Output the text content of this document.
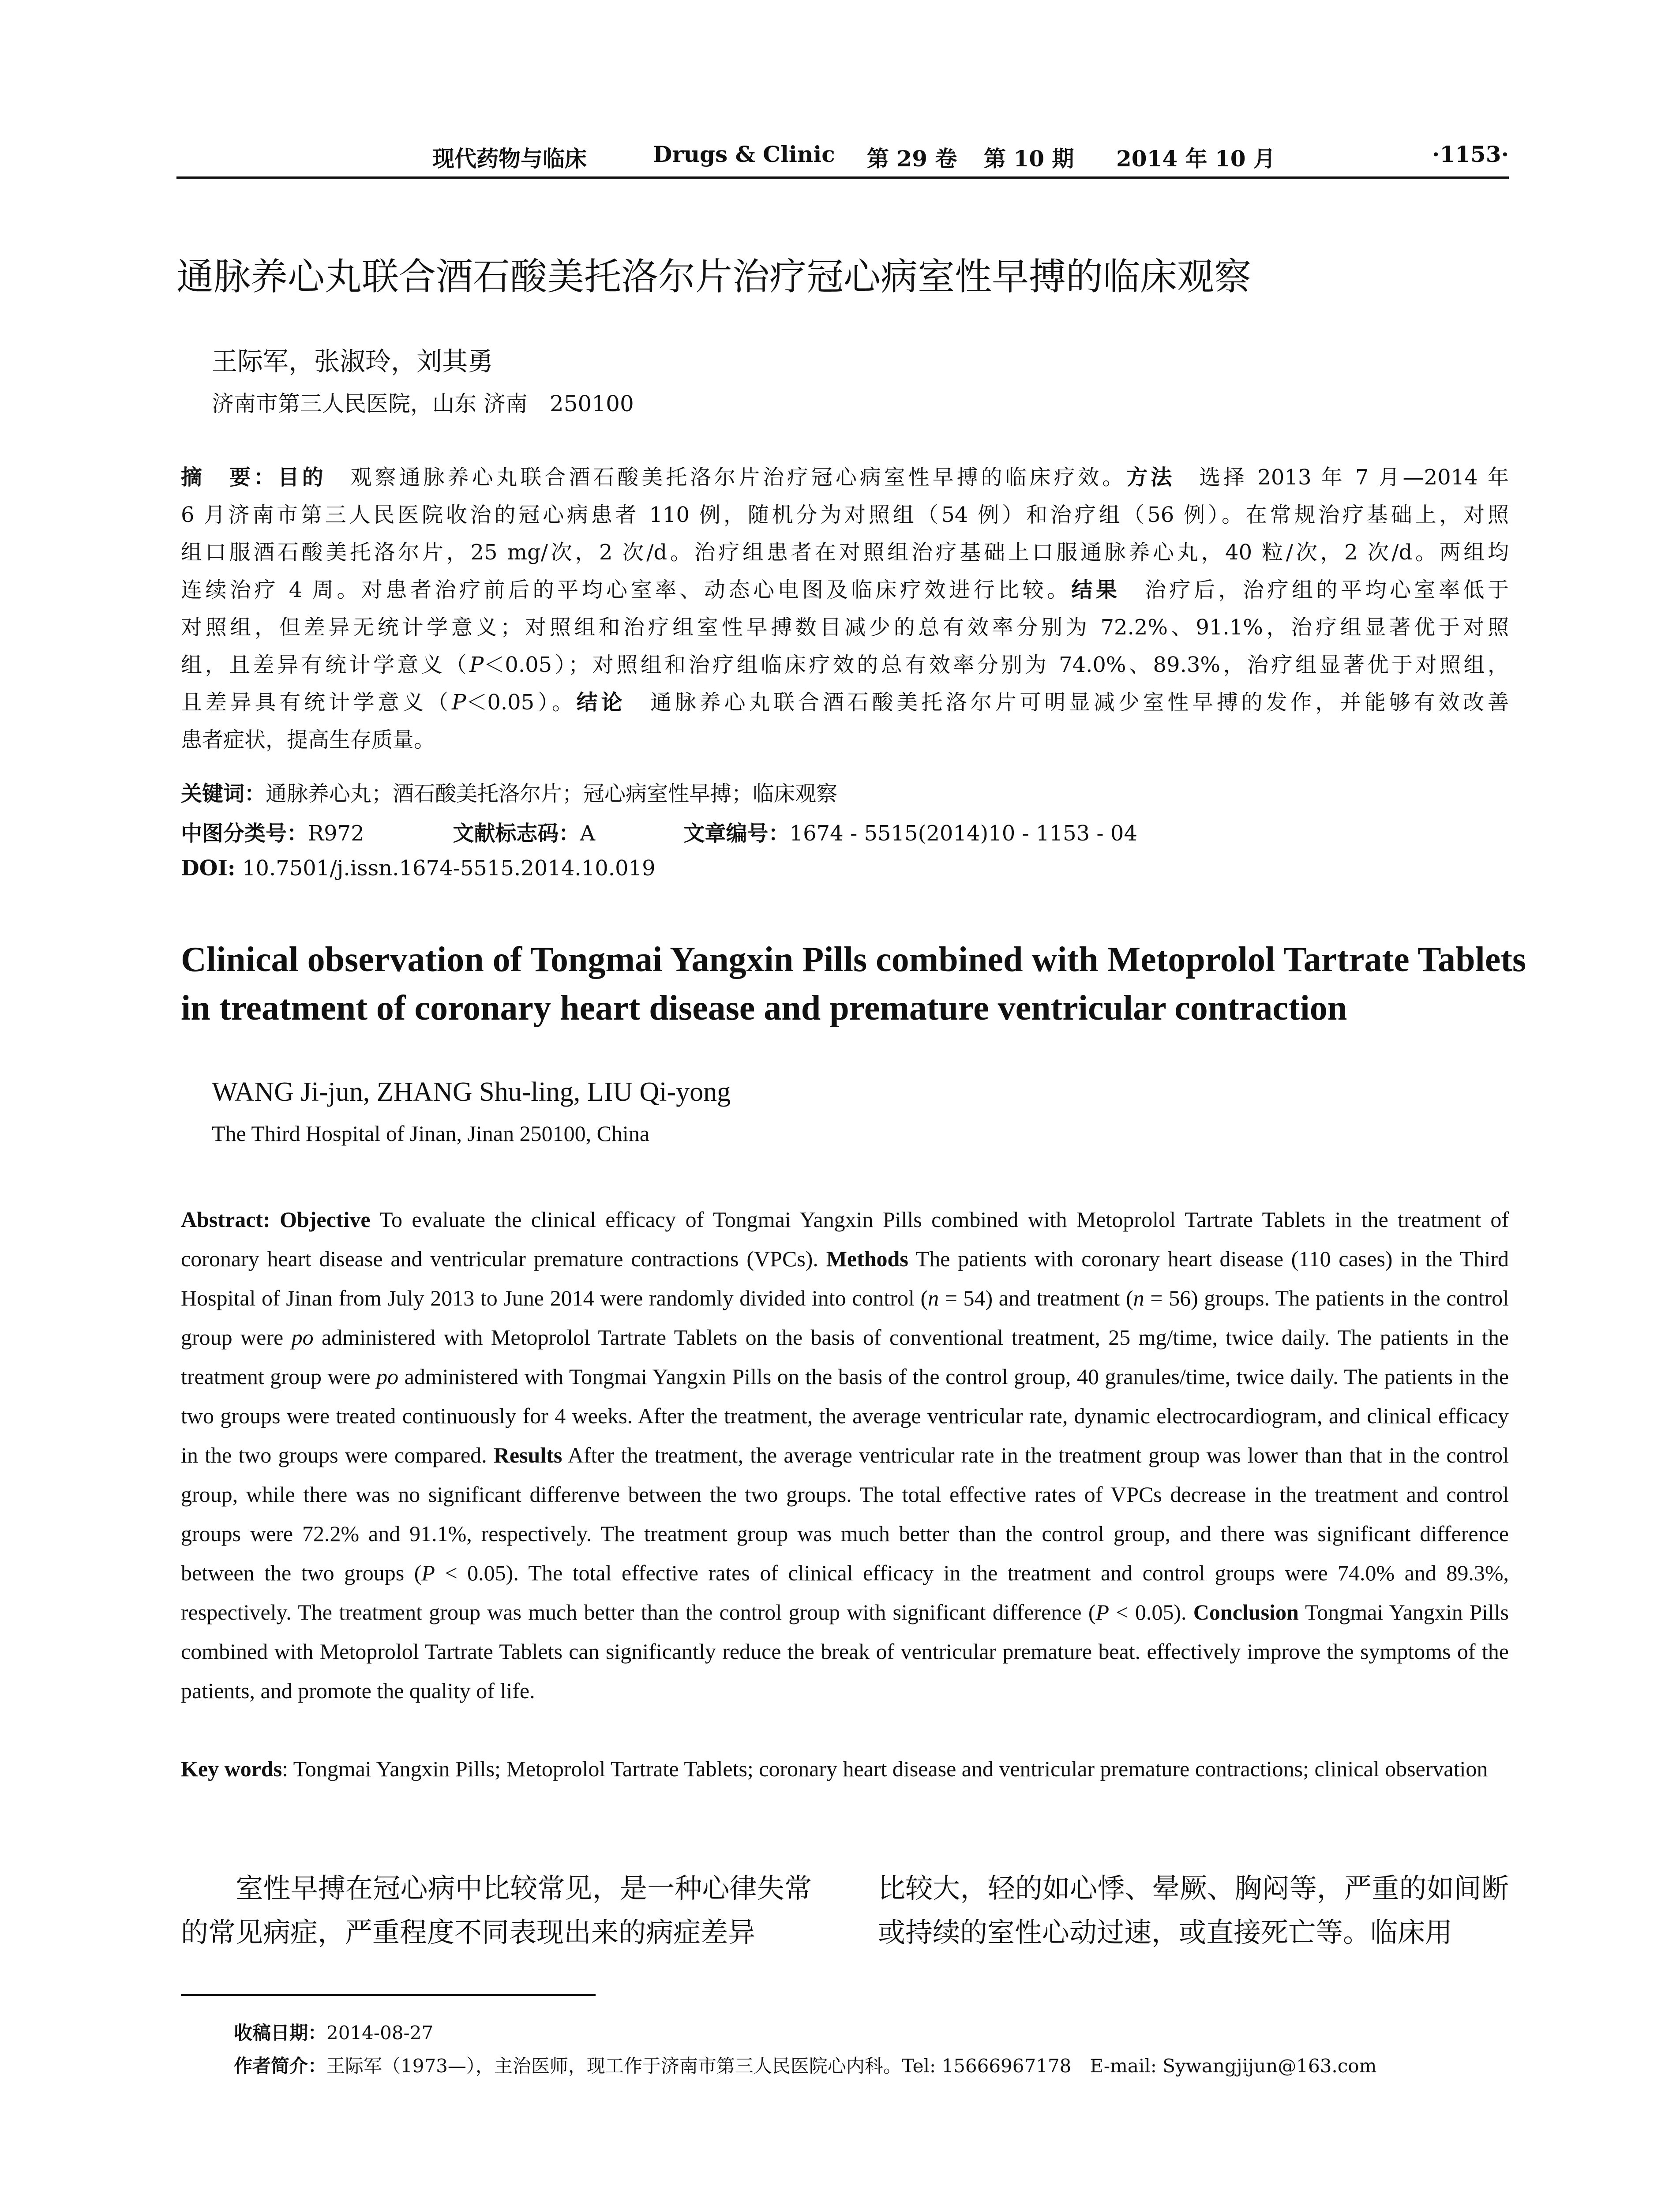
现代药物与临床	Drugs & Clinic 第 29 卷 第 10 期 2014 年 10 月	·1153·
通脉养心丸联合酒石酸美托洛尔片治疗冠心病室性早搏的临床观察
王际军，张淑玲，刘其勇
济南市第三人民医院，山东 济南　250100
摘　要：目的　观察通脉养心丸联合酒石酸美托洛尔片治疗冠心病室性早搏的临床疗效。方法　选择 2013 年 7 月—2014 年
6 月济南市第三人民医院收治的冠心病患者 110 例，随机分为对照组（54 例）和治疗组（56 例）。在常规治疗基础上，对照
组口服酒石酸美托洛尔片，25 mg/次，2 次/d。治疗组患者在对照组治疗基础上口服通脉养心丸，40 粒/次，2 次/d。两组均
连续治疗 4 周。对患者治疗前后的平均心室率、动态心电图及临床疗效进行比较。结果　治疗后，治疗组的平均心室率低于
对照组，但差异无统计学意义；对照组和治疗组室性早搏数目减少的总有效率分别为 72.2%、91.1%，治疗组显著优于对照
组，且差异有统计学意义（P＜0.05）；对照组和治疗组临床疗效的总有效率分别为 74.0%、89.3%，治疗组显著优于对照组，
且差异具有统计学意义（P＜0.05）。结论　通脉养心丸联合酒石酸美托洛尔片可明显减少室性早搏的发作，并能够有效改善
患者症状，提高生存质量。
关键词：通脉养心丸；酒石酸美托洛尔片；冠心病室性早搏；临床观察
中图分类号：R972	文献标志码：A	文章编号：1674 - 5515(2014)10 - 1153 - 04
DOI: 10.7501/j.issn.1674-5515.2014.10.019
Clinical observation of Tongmai Yangxin Pills combined with Metoprolol Tartrate Tablets in treatment of coronary heart disease and premature ventricular contraction
WANG Ji-jun, ZHANG Shu-ling, LIU Qi-yong
The Third Hospital of Jinan, Jinan 250100, China
Abstract: Objective To evaluate the clinical efficacy of Tongmai Yangxin Pills combined with Metoprolol Tartrate Tablets in the treatment of coronary heart disease and ventricular premature contractions (VPCs). Methods The patients with coronary heart disease (110 cases) in the Third Hospital of Jinan from July 2013 to June 2014 were randomly divided into control (n = 54) and treatment (n = 56) groups. The patients in the control group were po administered with Metoprolol Tartrate Tablets on the basis of conventional treatment, 25 mg/time, twice daily. The patients in the treatment group were po administered with Tongmai Yangxin Pills on the basis of the control group, 40 granules/time, twice daily. The patients in the two groups were treated continuously for 4 weeks. After the treatment, the average ventricular rate, dynamic electrocardiogram, and clinical efficacy in the two groups were compared. Results After the treatment, the average ventricular rate in the treatment group was lower than that in the control group, while there was no significant differenve between the two groups. The total effective rates of VPCs decrease in the treatment and control groups were 72.2% and 91.1%, respectively. The treatment group was much better than the control group, and there was significant difference between the two groups (P < 0.05). The total effective rates of clinical efficacy in the treatment and control groups were 74.0% and 89.3%, respectively. The treatment group was much better than the control group with significant difference (P < 0.05). Conclusion Tongmai Yangxin Pills combined with Metoprolol Tartrate Tablets can significantly reduce the break of ventricular premature beat. effectively improve the symptoms of the patients, and promote the quality of life.
Key words: Tongmai Yangxin Pills; Metoprolol Tartrate Tablets; coronary heart disease and ventricular premature contractions; clinical observation
　　室性早搏在冠心病中比较常见，是一种心律失常的常见病症，严重程度不同表现出来的病症差异
比较大，轻的如心悸、晕厥、胸闷等，严重的如间断或持续的室性心动过速，或直接死亡等。临床用
收稿日期：2014-08-27
作者简介：王际军（1973—），主治医师，现工作于济南市第三人民医院心内科。Tel: 15666967178　E-mail: Sywangjijun@163.com
